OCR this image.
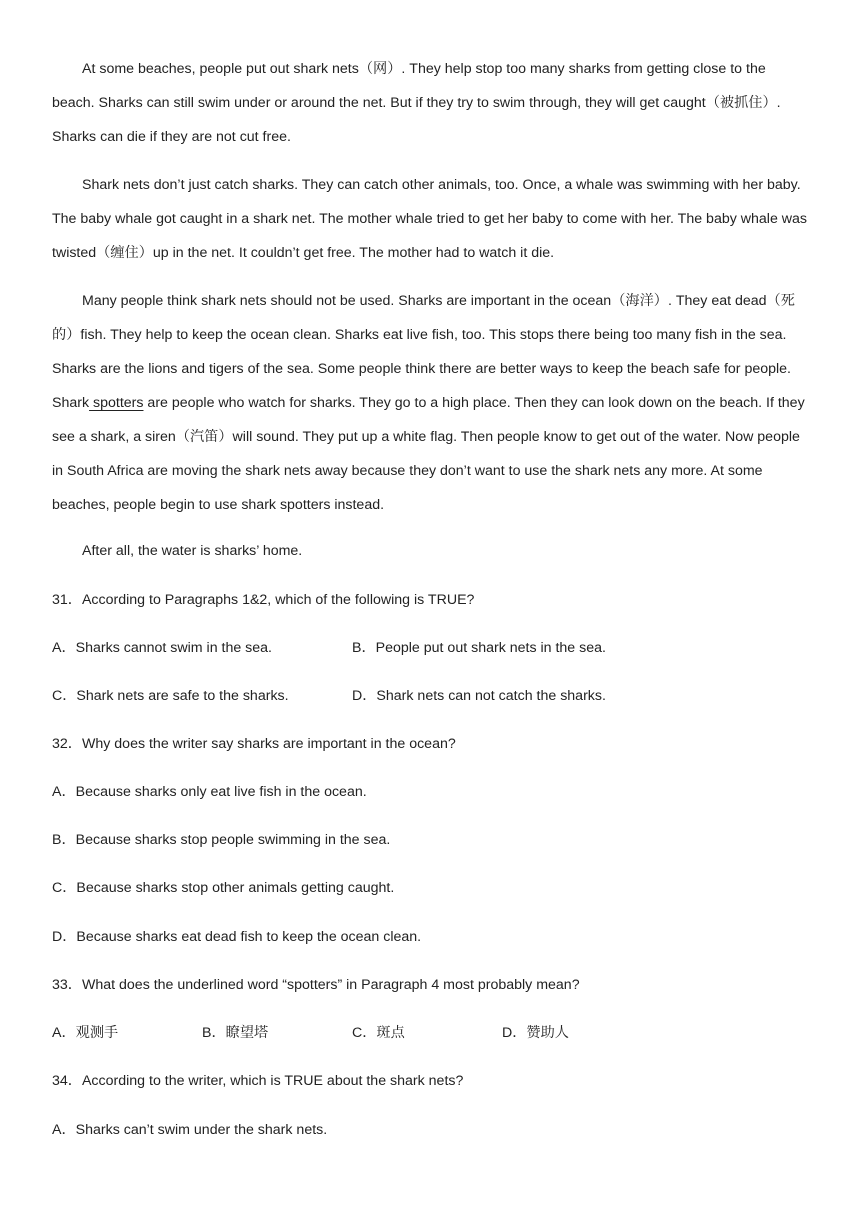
At some beaches, people put out shark nets（网）. They help stop too many sharks from getting close to the beach. Sharks can still swim under or around the net. But if they try to swim through, they will get caught（被抓住）. Sharks can die if they are not cut free.

Shark nets don’t just catch sharks. They can catch other animals, too. Once, a whale was swimming with her baby. The baby whale got caught in a shark net. The mother whale tried to get her baby to come with her. The baby whale was twisted（缠住）up in the net. It couldn’t get free. The mother had to watch it die.

Many people think shark nets should not be used. Sharks are important in the ocean（海洋）. They eat dead（死的）fish. They help to keep the ocean clean. Sharks eat live fish, too. This stops there being too many fish in the sea. Sharks are the lions and tigers of the sea. Some people think there are better ways to keep the beach safe for people. Shark spotters are people who watch for sharks. They go to a high place. Then they can look down on the beach. If they see a shark, a siren（汽笛）will sound. They put up a white flag. Then people know to get out of the water. Now people in South Africa are moving the shark nets away because they don’t want to use the shark nets any more. At some beaches, people begin to use shark spotters instead.

After all, the water is sharks’ home.

31．According to Paragraphs 1&2, which of the following is TRUE?

A．Sharks cannot swim in the sea.	B．People put out shark nets in the sea.

C．Shark nets are safe to the sharks.	D．Shark nets can not catch the sharks.

32．Why does the writer say sharks are important in the ocean?

A．Because sharks only eat live fish in the ocean.

B．Because sharks stop people swimming in the sea.

C．Because sharks stop other animals getting caught.

D．Because sharks eat dead fish to keep the ocean clean.

33．What does the underlined word “spotters” in Paragraph 4 most probably mean?

A．观测手	B．瞭望塔	C．斑点	D．赞助人

34．According to the writer, which is TRUE about the shark nets?

A．Sharks can’t swim under the shark nets.
